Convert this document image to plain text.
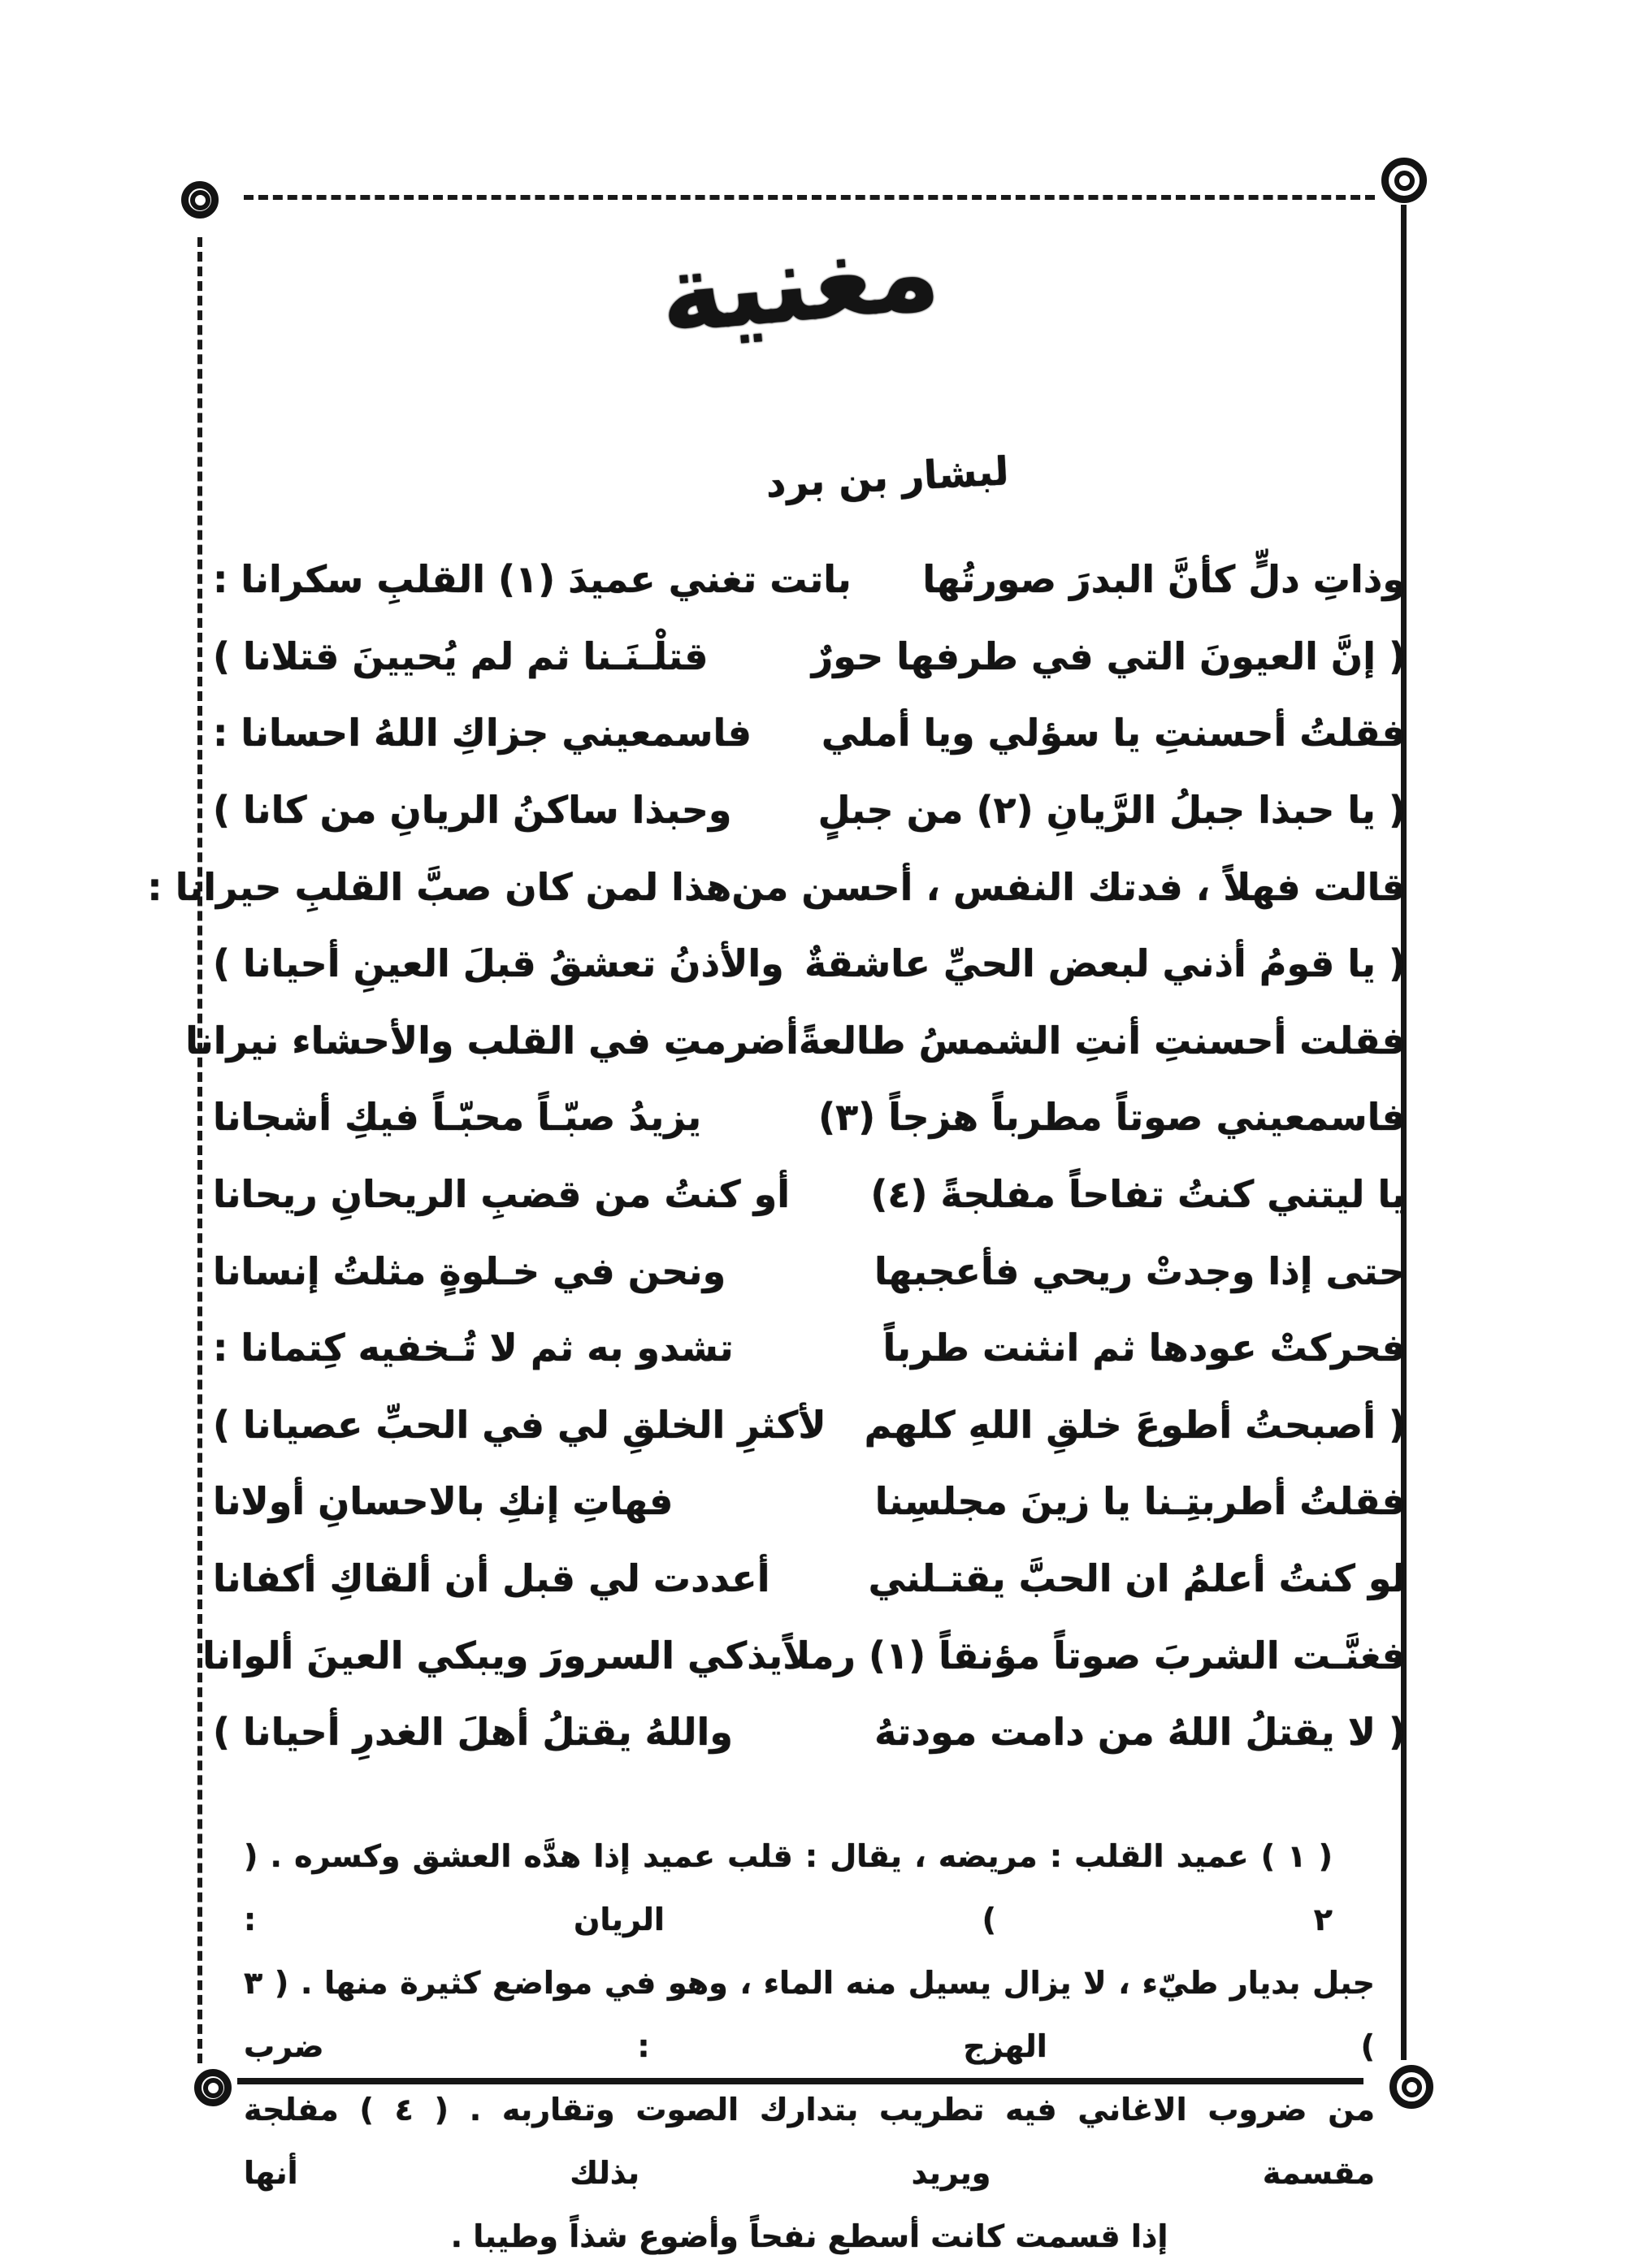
مغنية
لبشار بن برد
وذاتِ دلٍّ كأنَّ البدرَ صورتُها
باتت تغني عميدَ (١) القلبِ سكرانا :
( إنَّ العيونَ التي في طرفها حورٌ
قتلْـنَـنا ثم لم يُحيينَ قتلانا )
فقلتُ أحسنتِ يا سؤلي ويا أملي
فاسمعيني جزاكِ اللهُ احسانا :
( يا حبذا جبلُ الرَّيانِ (٢) من جبلٍ
وحبذا ساكنُ الريانِ من كانا )
قالت فهلاً ، فدتك النفس ، أحسن من
هذا لمن كان صبَّ القلبِ حيرانا :
( يا قومُ أذني لبعض الحيِّ عاشقةٌ
والأذنُ تعشقُ قبلَ العينِ أحيانا )
فقلت أحسنتِ أنتِ الشمسُ طالعةً
أضرمتِ في القلب والأحشاء نيرانا
فاسمعيني صوتاً مطرباً هزجاً (٣)
يزيدُ صبّـاً محبّـاً فيكِ أشجانا
يا ليتني كنتُ تفاحاً مفلجةً (٤)
أو كنتُ من قضبِ الريحانِ ريحانا
حتى إذا وجدتْ ريحي فأعجبها
ونحن في خـلوةٍ مثلتُ إنسانا
فحركتْ عودها ثم انثنت طرباً
تشدو به ثم لا تُـخفيه كِتمانا :
( أصبحتُ أطوعَ خلقِ اللهِ كلهم
لأكثرِ الخلقِ لي في الحبِّ عصيانا )
فقلتُ أطربتِـنا يا زينَ مجلسِنا
فهاتِ إنكِ بالاحسانِ أولانا
لو كنتُ أعلمُ ان الحبَّ يقتـلني
أعددت لي قبل أن ألقاكِ أكفانا
فغنَّـت الشربَ صوتاً مؤنقاً (١) رملاً
يذكي السرورَ ويبكي العينَ ألوانا
( لا يقتلُ اللهُ من دامت مودتهُ
واللهُ يقتلُ أهلَ الغدرِ أحيانا )
( ١ ) عميد القلب : مريضه ، يقال : قلب عميد إذا هدَّه العشق وكسره . ( ٢ ) الريان :
جبل بديار طيّء ، لا يزال يسيل منه الماء ، وهو في مواضع كثيرة منها . ( ٣ ) الهزج : ضرب
من ضروب الاغاني فيه تطريب بتدارك الصوت وتقاربه . ( ٤ ) مفلجة مقسمة ويريد بذلك أنها
إذا قسمت كانت أسطع نفحاً وأضوع شذاً وطيبا .
